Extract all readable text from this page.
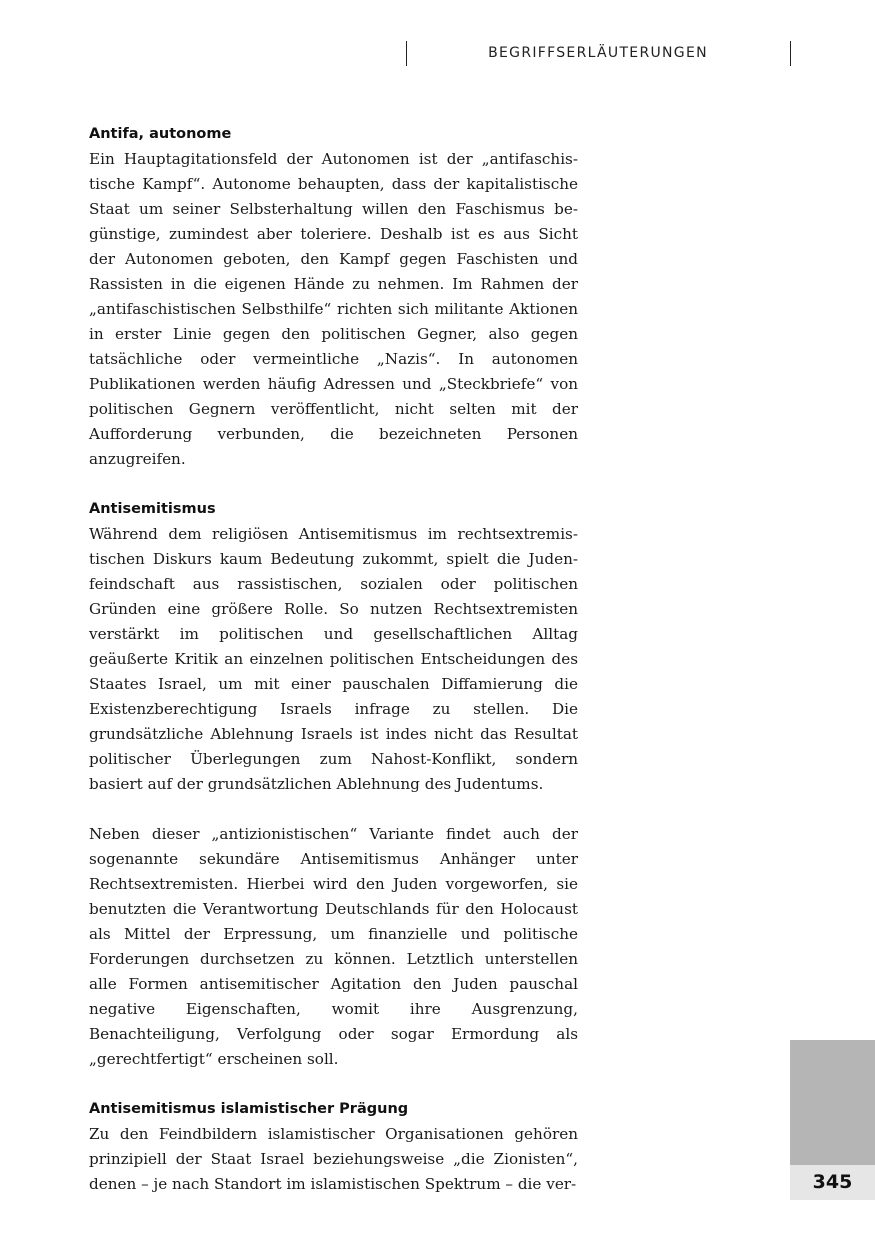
BEGRIFFSERLÄUTERUNGEN
Antifa, autonome

Ein Hauptagitationsfeld der Autonomen ist der „antifaschistische Kampf“. Autonome behaupten, dass der kapitalistische Staat um seiner Selbsterhaltung willen den Faschismus begünstige, zumindest aber toleriere. Deshalb ist es aus Sicht der Autonomen geboten, den Kampf gegen Faschisten und Rassisten in die eigenen Hände zu nehmen. Im Rahmen der „antifaschistischen Selbsthilfe“ richten sich militante Aktionen in erster Linie gegen den politischen Gegner, also gegen tatsächliche oder vermeintliche „Nazis“. In autonomen Publikationen werden häufig Adressen und „Steckbriefe“ von politischen Gegnern veröffentlicht, nicht selten mit der Aufforderung verbunden, die bezeichneten Personen anzugreifen.

Antisemitismus

Während dem religiösen Antisemitismus im rechtsextremistischen Diskurs kaum Bedeutung zukommt, spielt die Judenfeindschaft aus rassistischen, sozialen oder politischen Gründen eine größere Rolle. So nutzen Rechtsextremisten verstärkt im politischen und gesellschaftlichen Alltag geäußerte Kritik an einzelnen politischen Entscheidungen des Staates Israel, um mit einer pauschalen Diffamierung die Existenzberechtigung Israels infrage zu stellen. Die grundsätzliche Ablehnung Israels ist indes nicht das Resultat politischer Überlegungen zum Nahost-Konflikt, sondern basiert auf der grundsätzlichen Ablehnung des Judentums.

Neben dieser „antizionistischen“ Variante findet auch der sogenannte sekundäre Antisemitismus Anhänger unter Rechtsextremisten. Hierbei wird den Juden vorgeworfen, sie benutzten die Verantwortung Deutschlands für den Holocaust als Mittel der Erpressung, um finanzielle und politische Forderungen durchsetzen zu können. Letztlich unterstellen alle Formen antisemitischer Agitation den Juden pauschal negative Eigenschaften, womit ihre Ausgrenzung, Benachteiligung, Verfolgung oder sogar Ermordung als „gerechtfertigt“ erscheinen soll.

Antisemitismus islamistischer Prägung

Zu den Feindbildern islamistischer Organisationen gehören prinzipiell der Staat Israel beziehungsweise „die Zionisten“, denen – je nach Standort im islamistischen Spektrum – die ver-	345
